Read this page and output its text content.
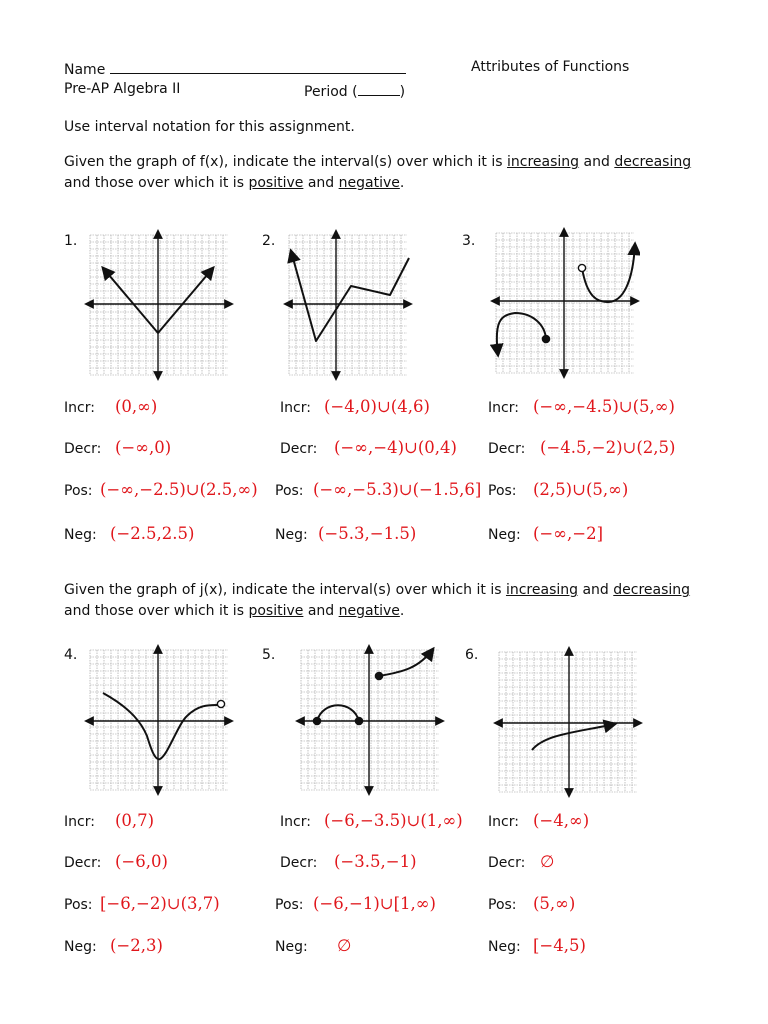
Name	Attributes of Functions
Pre-AP Algebra II	Period (	)
Use interval notation for this assignment.
Given the graph of f(x), indicate the interval(s) over which it is increasing and decreasing
and those over which it is positive and negative.
Given the graph of j(x), indicate the interval(s) over which it is increasing and decreasing
and those over which it is positive and negative.
1.	2.	3.
4.	5.	6.
Incr: (0,∞)
Decr: (−∞,0)
Pos: (−∞,−2.5)∪(2.5,∞)
Neg: (−2.5,2.5)
Incr: (−4,0)∪(4,6)
Decr: (−∞,−4)∪(0,4)
Pos: (−∞,−5.3)∪(−1.5,6]
Neg: (−5.3,−1.5)
Incr: (−∞,−4.5)∪(5,∞)
Decr: (−4.5,−2)∪(2,5)
Pos: (2,5)∪(5,∞)
Neg: (−∞,−2]
Incr: (0,7)
Decr: (−6,0)
Pos: [−6,−2)∪(3,7)
Neg: (−2,3)
Incr: (−6,−3.5)∪(1,∞)
Decr: (−3.5,−1)
Pos: (−6,−1)∪[1,∞)
Neg: ∅
Incr: (−4,∞)
Decr: ∅
Pos: (5,∞)
Neg: [−4,5)
